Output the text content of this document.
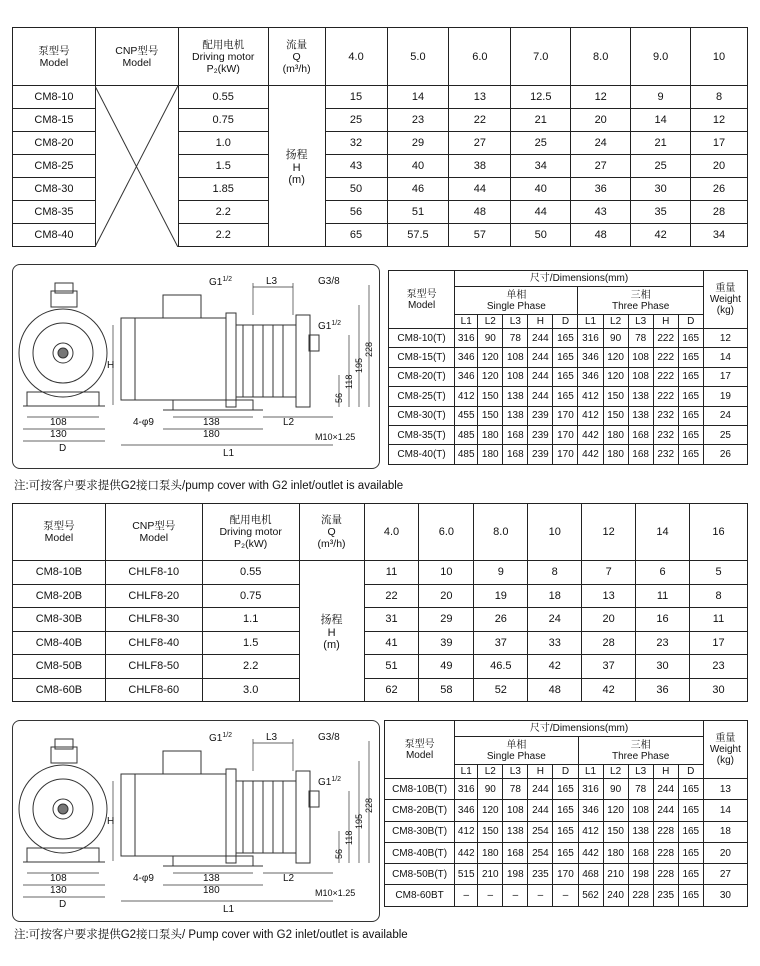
泵型号
Model	CNP型号
Model	配用电机
Driving motor
P₂(kW)	流量
Q
(m³/h)	4.0	5.0	6.0	7.0	8.0	9.0	10
CM8-10		0.55	扬程
H
(m)	15	14	13	12.5	12	9	8
CM8-15		0.75		25	23	22	21	20	14	12
CM8-20		1.0		32	29	27	25	24	21	17
CM8-25		1.5		43	40	38	34	27	25	20
CM8-30		1.85		50	46	44	40	36	30	26
CM8-35		2.2		56	51	48	44	43	35	28
CM8-40		2.2		65	57.5	57	50	48	42	34
$G1^{1/2}$	L3	G3/8
$G1^{1/2}$
H
108
130
D
4-φ9	138
180
L2
L1
M10×1.25
56
118
195
228
泵型号
Model	尺寸/Dimensions(mm)										重量
Weight
(kg)
	单相
Single Phase					三相
Three Phase					
	L1	L2	L3	H	D	L1	L2	L3	H	D	
CM8-10(T)	316	90	78	244	165	316	90	78	222	165	12
CM8-15(T)	346	120	108	244	165	346	120	108	222	165	14
CM8-20(T)	346	120	108	244	165	346	120	108	222	165	17
CM8-25(T)	412	150	138	244	165	412	150	138	222	165	19
CM8-30(T)	455	150	138	239	170	412	150	138	232	165	24
CM8-35(T)	485	180	168	239	170	442	180	168	232	165	25
CM8-40(T)	485	180	168	239	170	442	180	168	232	165	26
注:可按客户要求提供G2接口泵头/pump cover with G2 inlet/outlet is available
泵型号
Model	CNP型号
Model	配用电机
Driving motor
P₂(kW)	流量
Q
(m³/h)	4.0	6.0	8.0	10	12	14	16
CM8-10B	CHLF8-10	0.55	扬程
H
(m)	11	10	9	8	7	6	5
CM8-20B	CHLF8-20	0.75		22	20	19	18	13	11	8
CM8-30B	CHLF8-30	1.1		31	29	26	24	20	16	11
CM8-40B	CHLF8-40	1.5		41	39	37	33	28	23	17
CM8-50B	CHLF8-50	2.2		51	49	46.5	42	37	30	23
CM8-60B	CHLF8-60	3.0		62	58	52	48	42	36	30
$G1^{1/2}$	L3	G3/8
$G1^{1/2}$
H
108
130
D
4-φ9	138
180
L2
L1
M10×1.25
56
118
195
228
泵型号
Model	尺寸/Dimensions(mm)										重量
Weight
(kg)
	单相
Single Phase					三相
Three Phase					
	L1	L2	L3	H	D	L1	L2	L3	H	D	
CM8-10B(T)	316	90	78	244	165	316	90	78	244	165	13
CM8-20B(T)	346	120	108	244	165	346	120	108	244	165	14
CM8-30B(T)	412	150	138	254	165	412	150	138	228	165	18
CM8-40B(T)	442	180	168	254	165	442	180	168	228	165	20
CM8-50B(T)	515	210	198	235	170	468	210	198	228	165	27
CM8-60BT	–	–	–	–	–	562	240	228	235	165	30
注:可按客户要求提供G2接口泵头/ Pump cover with G2 inlet/outlet is available
